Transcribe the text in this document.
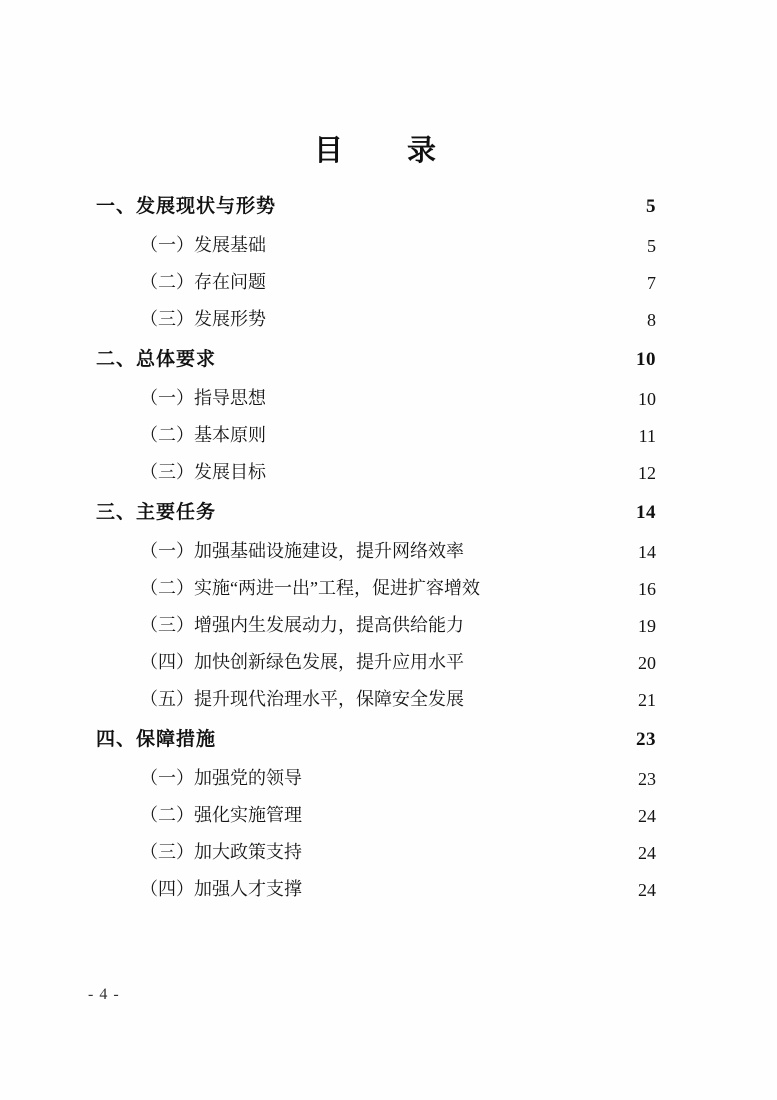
目　　录
一、发展现状与形势 .....	5
（一）发展基础 .....	5
（二）存在问题 .....	7
（三）发展形势 .....	8
二、总体要求 .....	10
（一）指导思想 .....	10
（二）基本原则 .....	11
（三）发展目标 .....	12
三、主要任务 .....	14
（一）加强基础设施建设，提升网络效率 .....	14
（二）实施“两进一出”工程，促进扩容增效 .....	16
（三）增强内生发展动力，提高供给能力 .....	19
（四）加快创新绿色发展，提升应用水平 .....	20
（五）提升现代治理水平，保障安全发展 .....	21
四、保障措施 .....	23
（一）加强党的领导 .....	23
（二）强化实施管理 .....	24
（三）加大政策支持 .....	24
（四）加强人才支撑 .....	24
- 4 -
